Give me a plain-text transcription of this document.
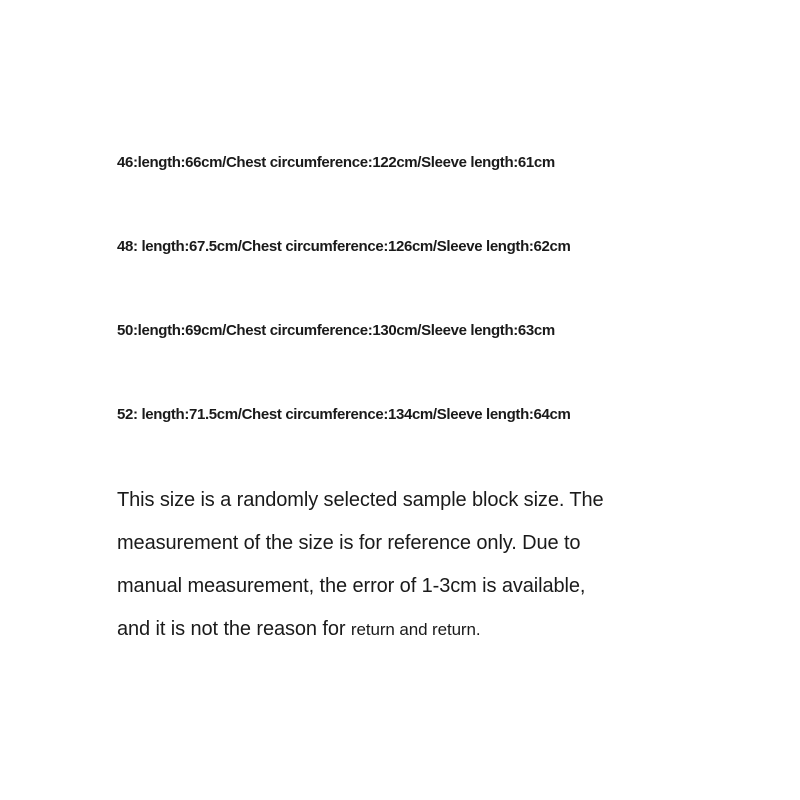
46:length:66cm/Chest circumference:122cm/Sleeve length:61cm

48: length:67.5cm/Chest circumference:126cm/Sleeve length:62cm

50:length:69cm/Chest circumference:130cm/Sleeve length:63cm

52: length:71.5cm/Chest circumference:134cm/Sleeve length:64cm

This size is a randomly selected sample block size. The
measurement of the size is for reference only. Due to
manual measurement, the error of 1-3cm is available,
and it is not the reason for return and return.
